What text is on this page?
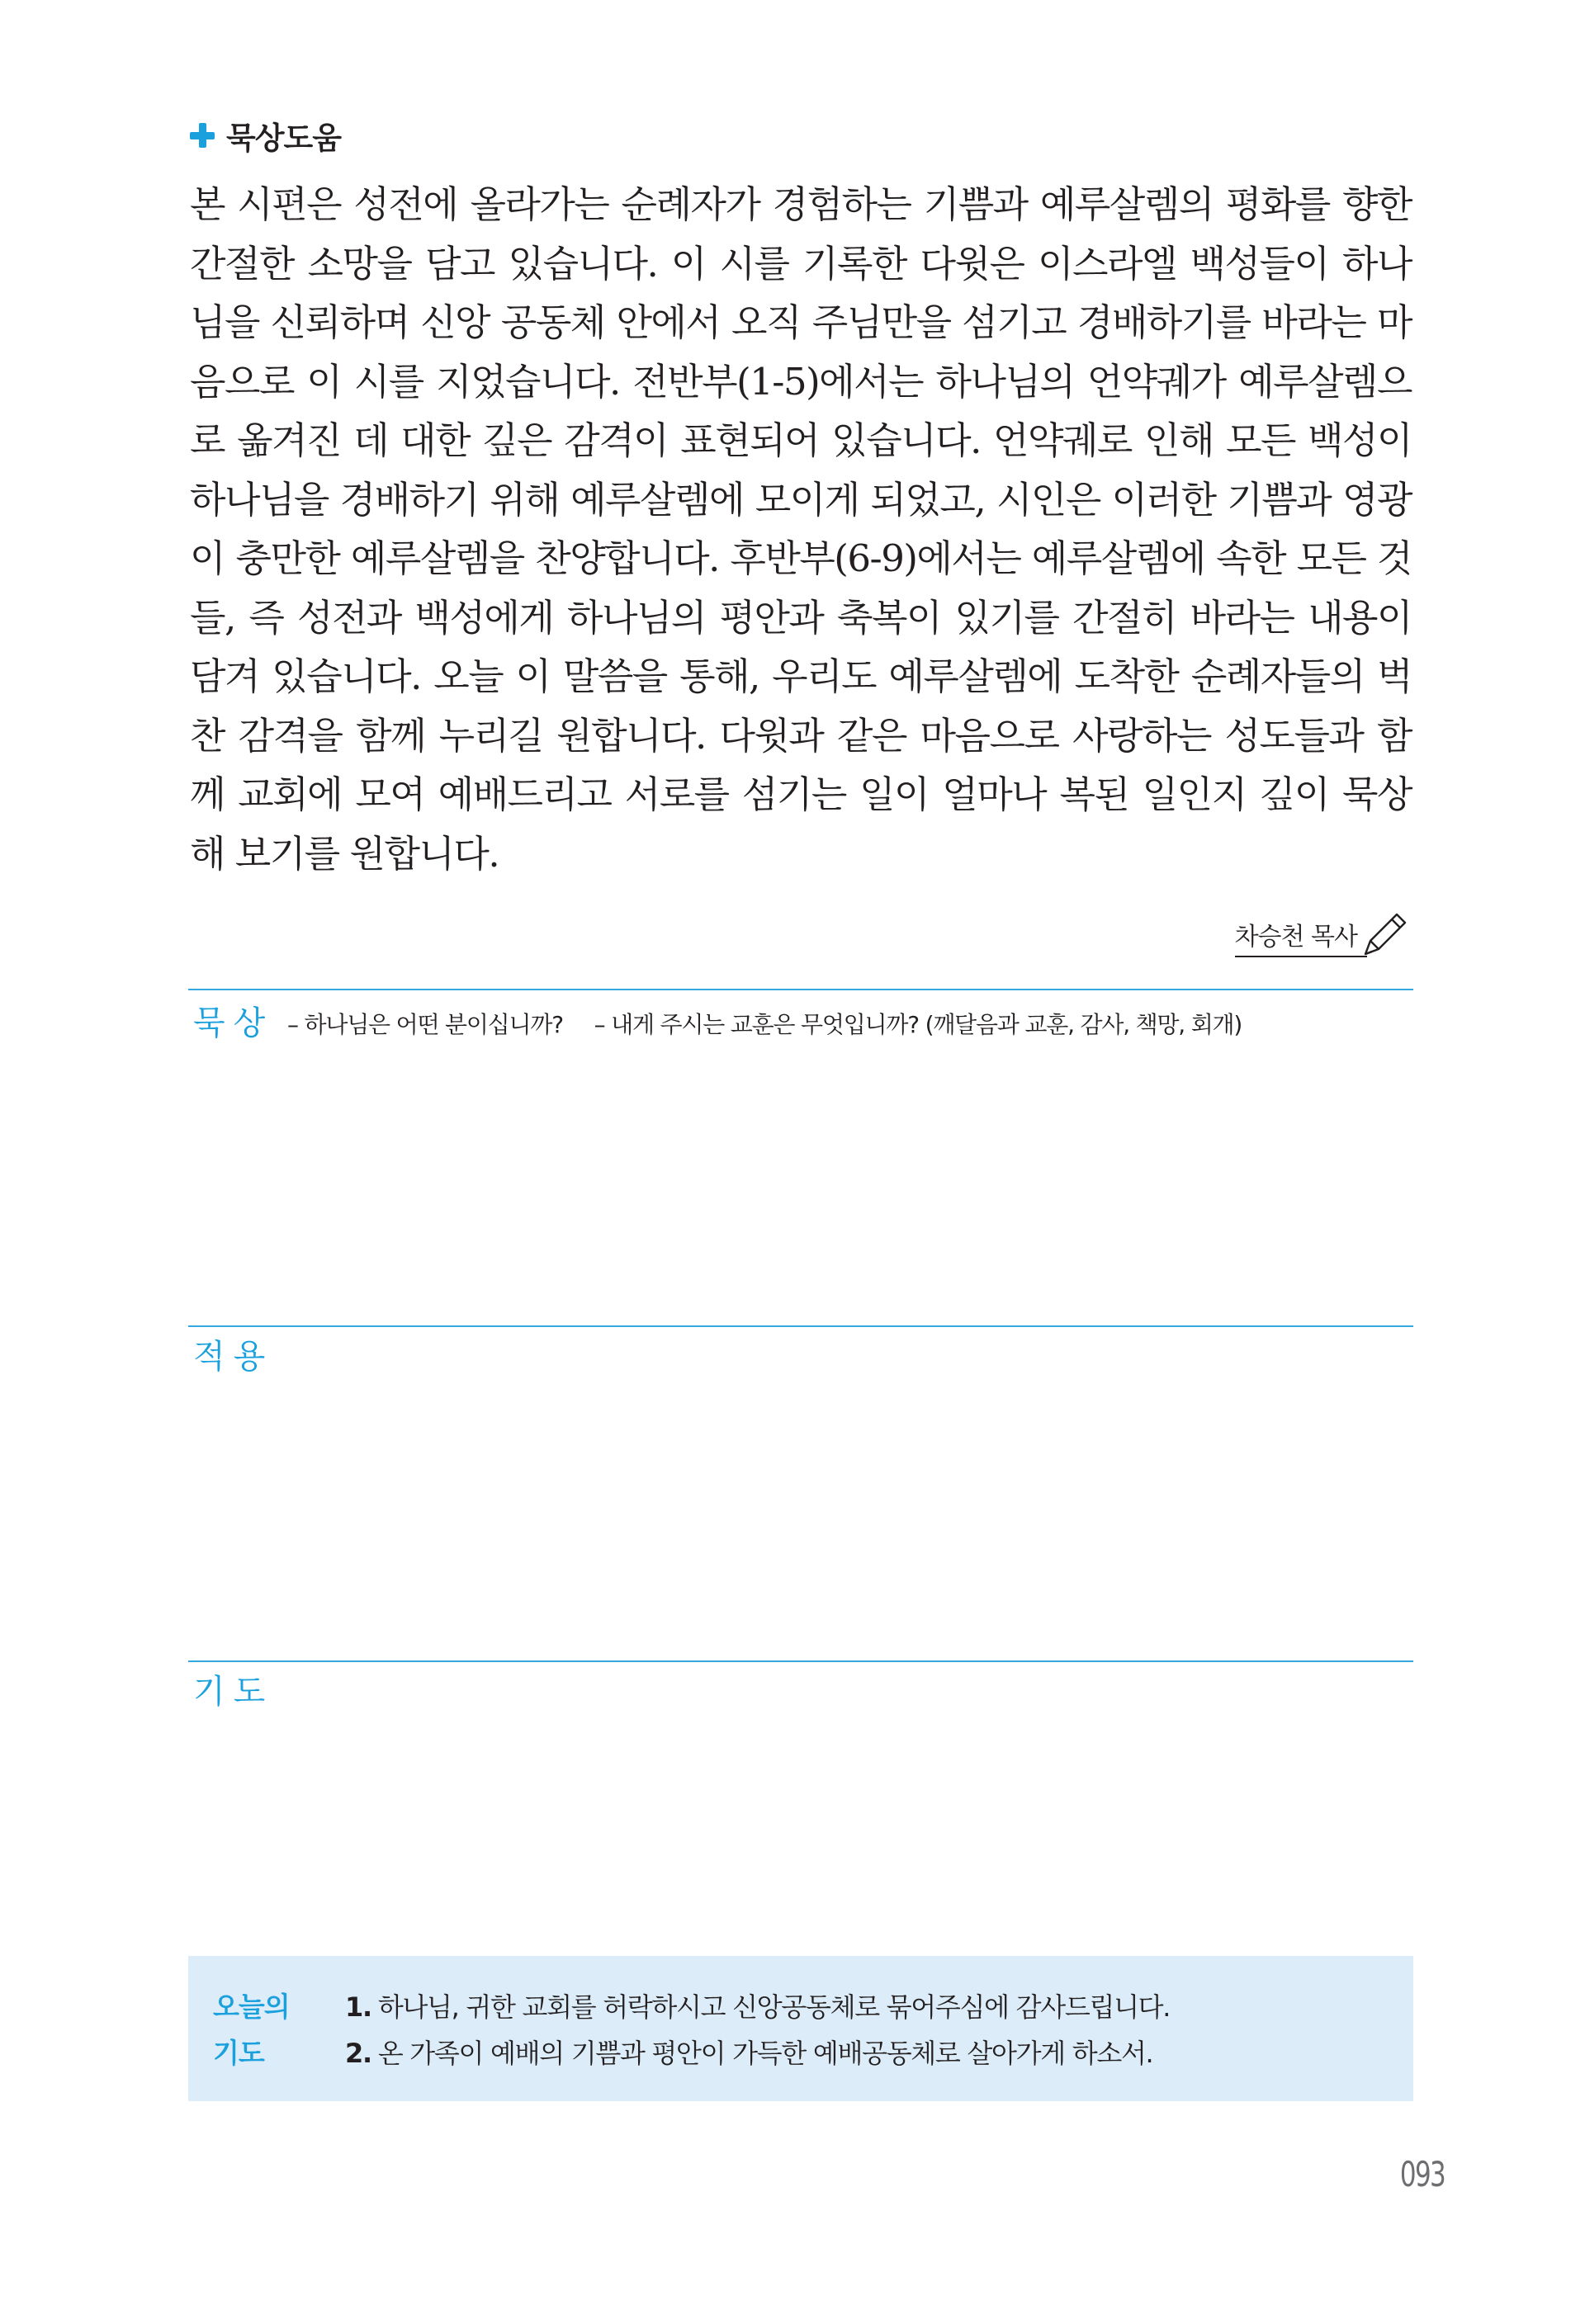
묵상도움

본 시편은 성전에 올라가는 순례자가 경험하는 기쁨과 예루살렘의 평화를 향한 간절한 소망을 담고 있습니다. 이 시를 기록한 다윗은 이스라엘 백성들이 하나님을 신뢰하며 신앙 공동체 안에서 오직 주님만을 섬기고 경배하기를 바라는 마음으로 이 시를 지었습니다. 전반부(1-5)에서는 하나님의 언약궤가 예루살렘으로 옮겨진 데 대한 깊은 감격이 표현되어 있습니다. 언약궤로 인해 모든 백성이 하나님을 경배하기 위해 예루살렘에 모이게 되었고, 시인은 이러한 기쁨과 영광이 충만한 예루살렘을 찬양합니다. 후반부(6-9)에서는 예루살렘에 속한 모든 것들, 즉 성전과 백성에게 하나님의 평안과 축복이 있기를 간절히 바라는 내용이 담겨 있습니다. 오늘 이 말씀을 통해, 우리도 예루살렘에 도착한 순례자들의 벅찬 감격을 함께 누리길 원합니다. 다윗과 같은 마음으로 사랑하는 성도들과 함께 교회에 모여 예배드리고 서로를 섬기는 일이 얼마나 복된 일인지 깊이 묵상해 보기를 원합니다.

차승천 목사
묵상 – 하나님은 어떤 분이십니까? – 내게 주시는 교훈은 무엇입니까? (깨달음과 교훈, 감사, 책망, 회개)
적용
기도
오늘의 기도
1. 하나님, 귀한 교회를 허락하시고 신앙공동체로 묶어주심에 감사드립니다.
2. 온 가족이 예배의 기쁨과 평안이 가득한 예배공동체로 살아가게 하소서.
093
